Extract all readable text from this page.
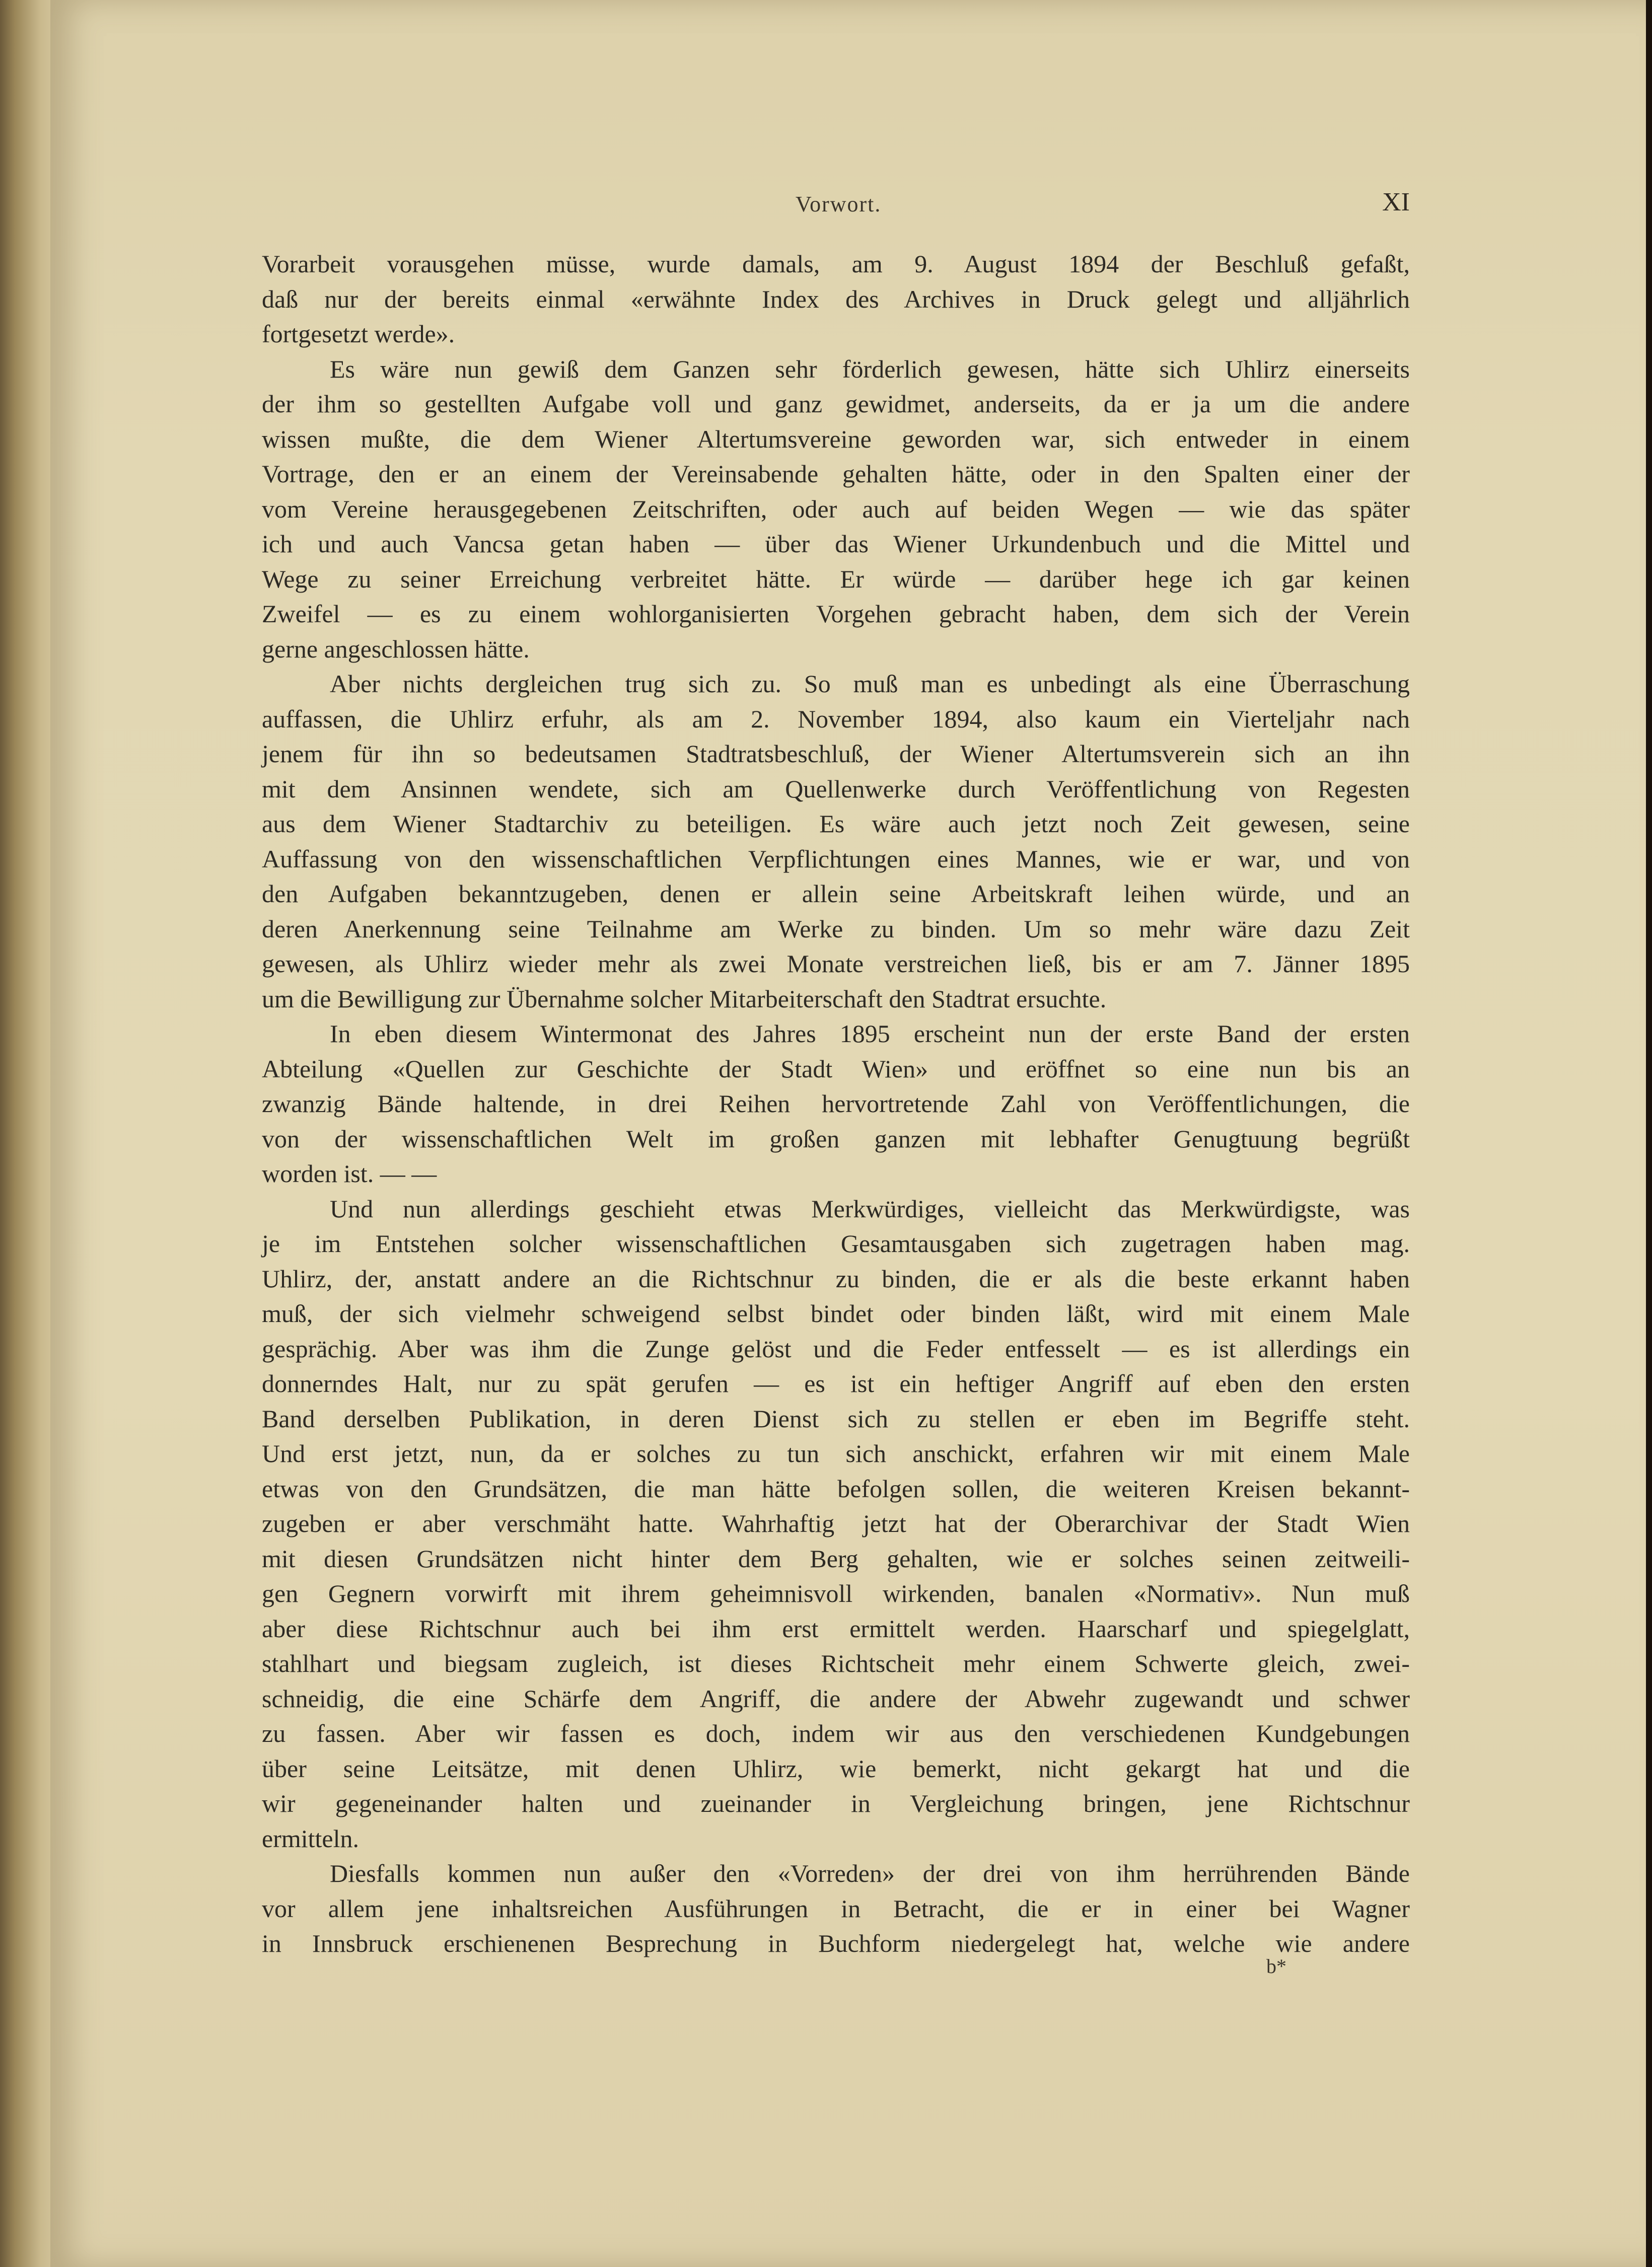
Vorwort.	XI
Vorarbeit vorausgehen müsse, wurde damals, am 9. August 1894 der Beschluß gefaßt,
daß nur der bereits einmal «erwähnte Index des Archives in Druck gelegt und alljährlich
fortgesetzt werde».
Es wäre nun gewiß dem Ganzen sehr förderlich gewesen, hätte sich Uhlirz einerseits
der ihm so gestellten Aufgabe voll und ganz gewidmet, anderseits, da er ja um die andere
wissen mußte, die dem Wiener Altertumsvereine geworden war, sich entweder in einem
Vortrage, den er an einem der Vereinsabende gehalten hätte, oder in den Spalten einer der
vom Vereine herausgegebenen Zeitschriften, oder auch auf beiden Wegen — wie das später
ich und auch Vancsa getan haben — über das Wiener Urkundenbuch und die Mittel und
Wege zu seiner Erreichung verbreitet hätte. Er würde — darüber hege ich gar keinen
Zweifel — es zu einem wohlorganisierten Vorgehen gebracht haben, dem sich der Verein
gerne angeschlossen hätte.
Aber nichts dergleichen trug sich zu. So muß man es unbedingt als eine Überraschung
auffassen, die Uhlirz erfuhr, als am 2. November 1894, also kaum ein Vierteljahr nach
jenem für ihn so bedeutsamen Stadtratsbeschluß, der Wiener Altertumsverein sich an ihn
mit dem Ansinnen wendete, sich am Quellenwerke durch Veröffentlichung von Regesten
aus dem Wiener Stadtarchiv zu beteiligen. Es wäre auch jetzt noch Zeit gewesen, seine
Auffassung von den wissenschaftlichen Verpflichtungen eines Mannes, wie er war, und von
den Aufgaben bekanntzugeben, denen er allein seine Arbeitskraft leihen würde, und an
deren Anerkennung seine Teilnahme am Werke zu binden. Um so mehr wäre dazu Zeit
gewesen, als Uhlirz wieder mehr als zwei Monate verstreichen ließ, bis er am 7. Jänner 1895
um die Bewilligung zur Übernahme solcher Mitarbeiterschaft den Stadtrat ersuchte.
In eben diesem Wintermonat des Jahres 1895 erscheint nun der erste Band der ersten
Abteilung «Quellen zur Geschichte der Stadt Wien» und eröffnet so eine nun bis an
zwanzig Bände haltende, in drei Reihen hervortretende Zahl von Veröffentlichungen, die
von der wissenschaftlichen Welt im großen ganzen mit lebhafter Genugtuung begrüßt
worden ist. — —
Und nun allerdings geschieht etwas Merkwürdiges, vielleicht das Merkwürdigste, was
je im Entstehen solcher wissenschaftlichen Gesamtausgaben sich zugetragen haben mag.
Uhlirz, der, anstatt andere an die Richtschnur zu binden, die er als die beste erkannt haben
muß, der sich vielmehr schweigend selbst bindet oder binden läßt, wird mit einem Male
gesprächig. Aber was ihm die Zunge gelöst und die Feder entfesselt — es ist allerdings ein
donnerndes Halt, nur zu spät gerufen — es ist ein heftiger Angriff auf eben den ersten
Band derselben Publikation, in deren Dienst sich zu stellen er eben im Begriffe steht.
Und erst jetzt, nun, da er solches zu tun sich anschickt, erfahren wir mit einem Male
etwas von den Grundsätzen, die man hätte befolgen sollen, die weiteren Kreisen bekannt-
zugeben er aber verschmäht hatte. Wahrhaftig jetzt hat der Oberarchivar der Stadt Wien
mit diesen Grundsätzen nicht hinter dem Berg gehalten, wie er solches seinen zeitweili-
gen Gegnern vorwirft mit ihrem geheimnisvoll wirkenden, banalen «Normativ». Nun muß
aber diese Richtschnur auch bei ihm erst ermittelt werden. Haarscharf und spiegelglatt,
stahlhart und biegsam zugleich, ist dieses Richtscheit mehr einem Schwerte gleich, zwei-
schneidig, die eine Schärfe dem Angriff, die andere der Abwehr zugewandt und schwer
zu fassen. Aber wir fassen es doch, indem wir aus den verschiedenen Kundgebungen
über seine Leitsätze, mit denen Uhlirz, wie bemerkt, nicht gekargt hat und die
wir gegeneinander halten und zueinander in Vergleichung bringen, jene Richtschnur
ermitteln.
Diesfalls kommen nun außer den «Vorreden» der drei von ihm herrührenden Bände
vor allem jene inhaltsreichen Ausführungen in Betracht, die er in einer bei Wagner
in Innsbruck erschienenen Besprechung in Buchform niedergelegt hat, welche wie andere
b*
